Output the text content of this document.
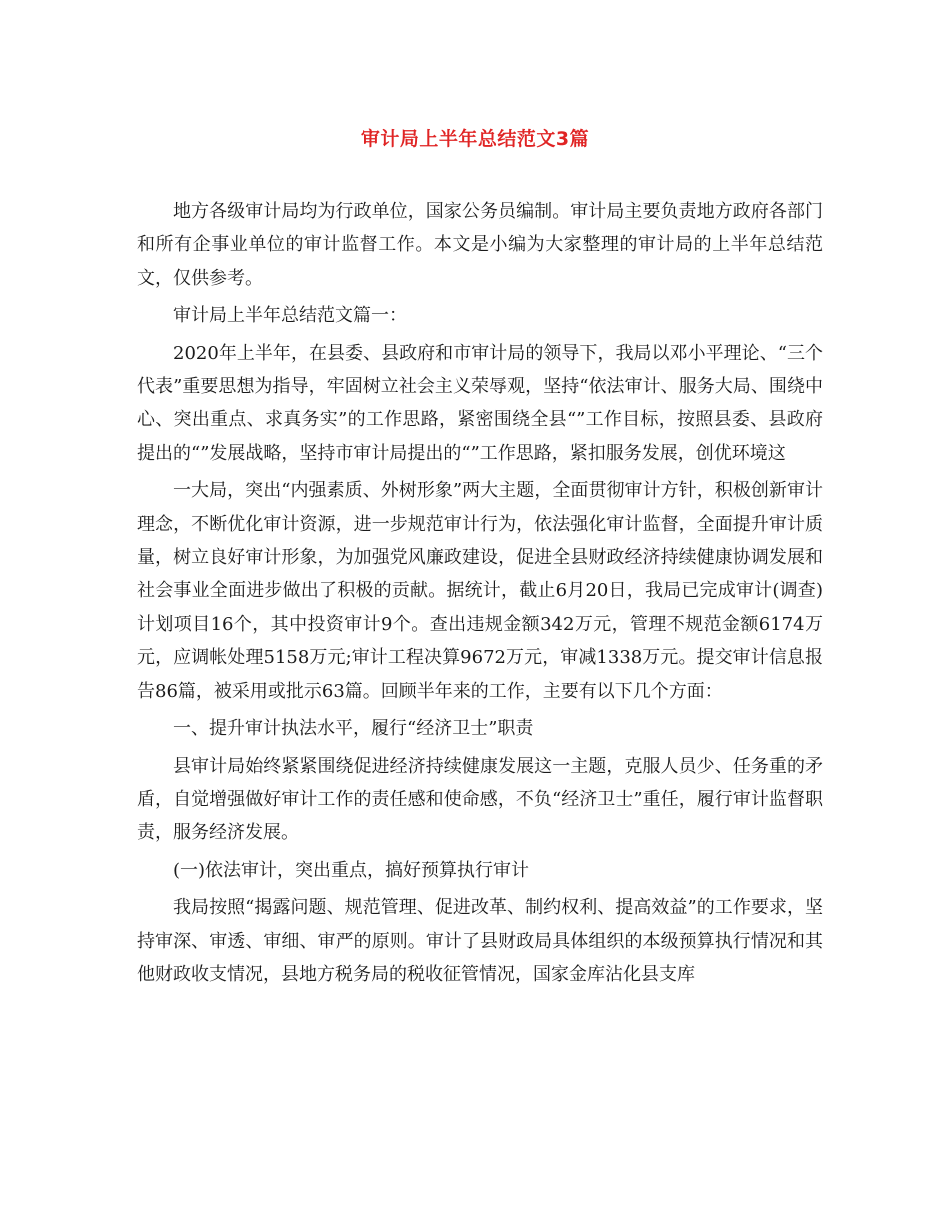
审计局上半年总结范文3篇

地方各级审计局均为行政单位，国家公务员编制。审计局主要负责地方政府各部门和所有企事业单位的审计监督工作。本文是小编为大家整理的审计局的上半年总结范文，仅供参考。

审计局上半年总结范文篇一：

2020年上半年，在县委、县政府和市审计局的领导下，我局以邓小平理论、“三个代表”重要思想为指导，牢固树立社会主义荣辱观，坚持“依法审计、服务大局、围绕中心、突出重点、求真务实”的工作思路，紧密围绕全县“”工作目标，按照县委、县政府提出的“”发展战略，坚持市审计局提出的“”工作思路，紧扣服务发展，创优环境这

一大局，突出“内强素质、外树形象”两大主题，全面贯彻审计方针，积极创新审计理念，不断优化审计资源，进一步规范审计行为，依法强化审计监督，全面提升审计质量，树立良好审计形象，为加强党风廉政建设，促进全县财政经济持续健康协调发展和社会事业全面进步做出了积极的贡献。据统计，截止6月20日，我局已完成审计(调查)计划项目16个，其中投资审计9个。查出违规金额342万元，管理不规范金额6174万元，应调帐处理5158万元;审计工程决算9672万元，审减1338万元。提交审计信息报告86篇，被采用或批示63篇。回顾半年来的工作，主要有以下几个方面：

一、提升审计执法水平，履行“经济卫士”职责

县审计局始终紧紧围绕促进经济持续健康发展这一主题，克服人员少、任务重的矛盾，自觉增强做好审计工作的责任感和使命感，不负“经济卫士”重任，履行审计监督职责，服务经济发展。

(一)依法审计，突出重点，搞好预算执行审计

我局按照“揭露问题、规范管理、促进改革、制约权利、提高效益”的工作要求，坚持审深、审透、审细、审严的原则。审计了县财政局具体组织的本级预算执行情况和其他财政收支情况，县地方税务局的税收征管情况，国家金库沾化县支库
